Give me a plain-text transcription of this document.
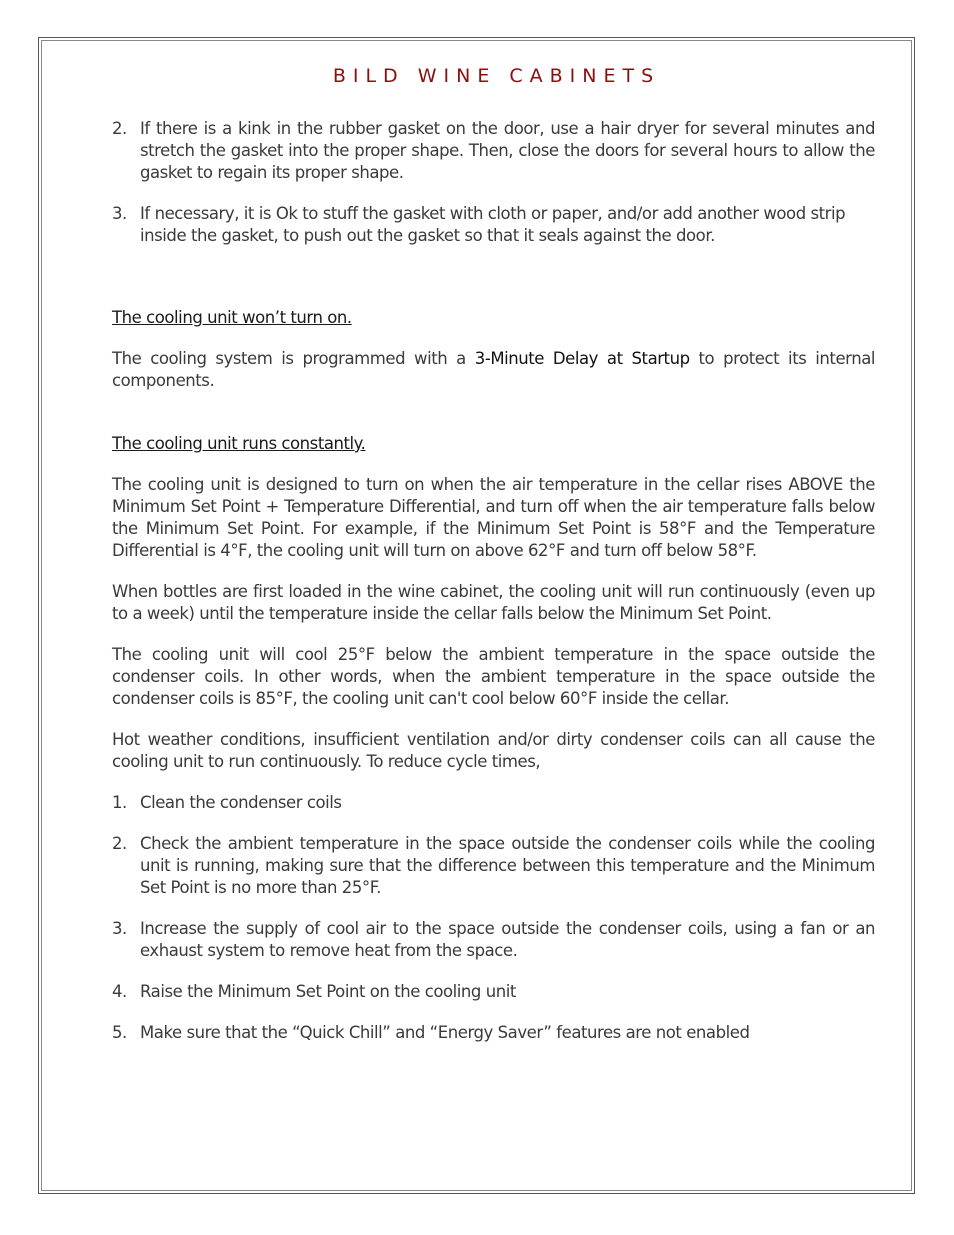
BILD WINE CABINETS
2. If there is a kink in the rubber gasket on the door, use a hair dryer for several minutes and stretch the gasket into the proper shape. Then, close the doors for several hours to allow the gasket to regain its proper shape.
3. If necessary, it is Ok to stuff the gasket with cloth or paper, and/or add another wood strip inside the gasket, to push out the gasket so that it seals against the door.

The cooling unit won’t turn on.

The cooling system is programmed with a 3-Minute Delay at Startup to protect its internal components.

The cooling unit runs constantly.

The cooling unit is designed to turn on when the air temperature in the cellar rises ABOVE the Minimum Set Point + Temperature Differential, and turn off when the air temperature falls below the Minimum Set Point. For example, if the Minimum Set Point is 58°F and the Temperature Differential is 4°F, the cooling unit will turn on above 62°F and turn off below 58°F.

When bottles are first loaded in the wine cabinet, the cooling unit will run continuously (even up to a week) until the temperature inside the cellar falls below the Minimum Set Point.

The cooling unit will cool 25°F below the ambient temperature in the space outside the condenser coils. In other words, when the ambient temperature in the space outside the condenser coils is 85°F, the cooling unit can't cool below 60°F inside the cellar.

Hot weather conditions, insufficient ventilation and/or dirty condenser coils can all cause the cooling unit to run continuously. To reduce cycle times,

1. Clean the condenser coils
2. Check the ambient temperature in the space outside the condenser coils while the cooling unit is running, making sure that the difference between this temperature and the Minimum Set Point is no more than 25°F.
3. Increase the supply of cool air to the space outside the condenser coils, using a fan or an exhaust system to remove heat from the space.
4. Raise the Minimum Set Point on the cooling unit
5. Make sure that the “Quick Chill” and “Energy Saver” features are not enabled
